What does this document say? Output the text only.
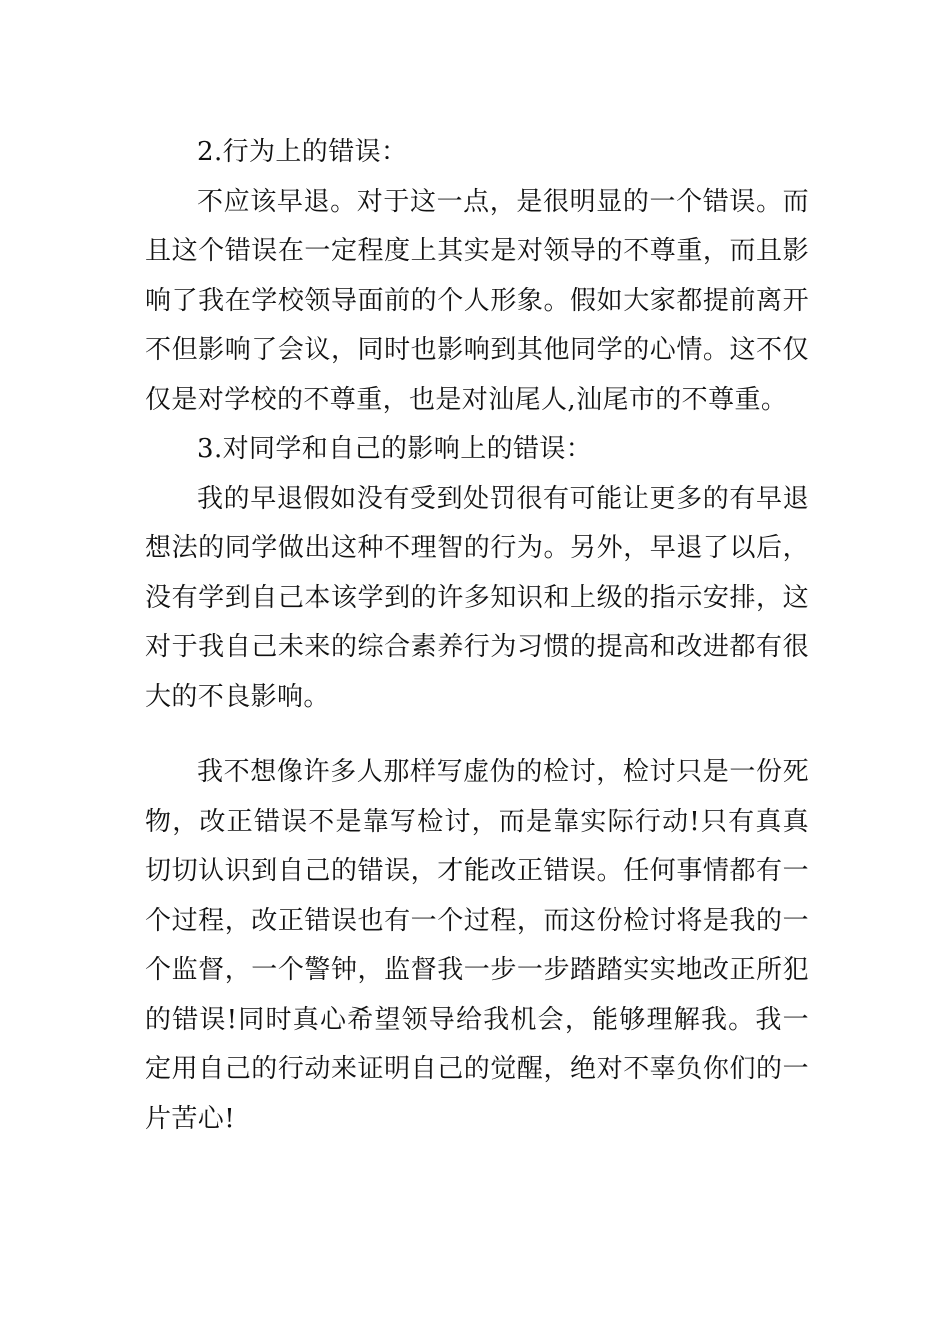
2.行为上的错误：

不应该早退。对于这一点，是很明显的一个错误。而且这个错误在一定程度上其实是对领导的不尊重，而且影响了我在学校领导面前的个人形象。假如大家都提前离开不但影响了会议，同时也影响到其他同学的心情。这不仅仅是对学校的不尊重，也是对汕尾人,汕尾市的不尊重。

3.对同学和自己的影响上的错误：

我的早退假如没有受到处罚很有可能让更多的有早退想法的同学做出这种不理智的行为。另外，早退了以后，没有学到自己本该学到的许多知识和上级的指示安排，这对于我自己未来的综合素养行为习惯的提高和改进都有很大的不良影响。

我不想像许多人那样写虚伪的检讨，检讨只是一份死物，改正错误不是靠写检讨，而是靠实际行动!只有真真切切认识到自己的错误，才能改正错误。任何事情都有一个过程，改正错误也有一个过程，而这份检讨将是我的一个监督，一个警钟，监督我一步一步踏踏实实地改正所犯的错误!同时真心希望领导给我机会，能够理解我。我一定用自己的行动来证明自己的觉醒，绝对不辜负你们的一片苦心!
